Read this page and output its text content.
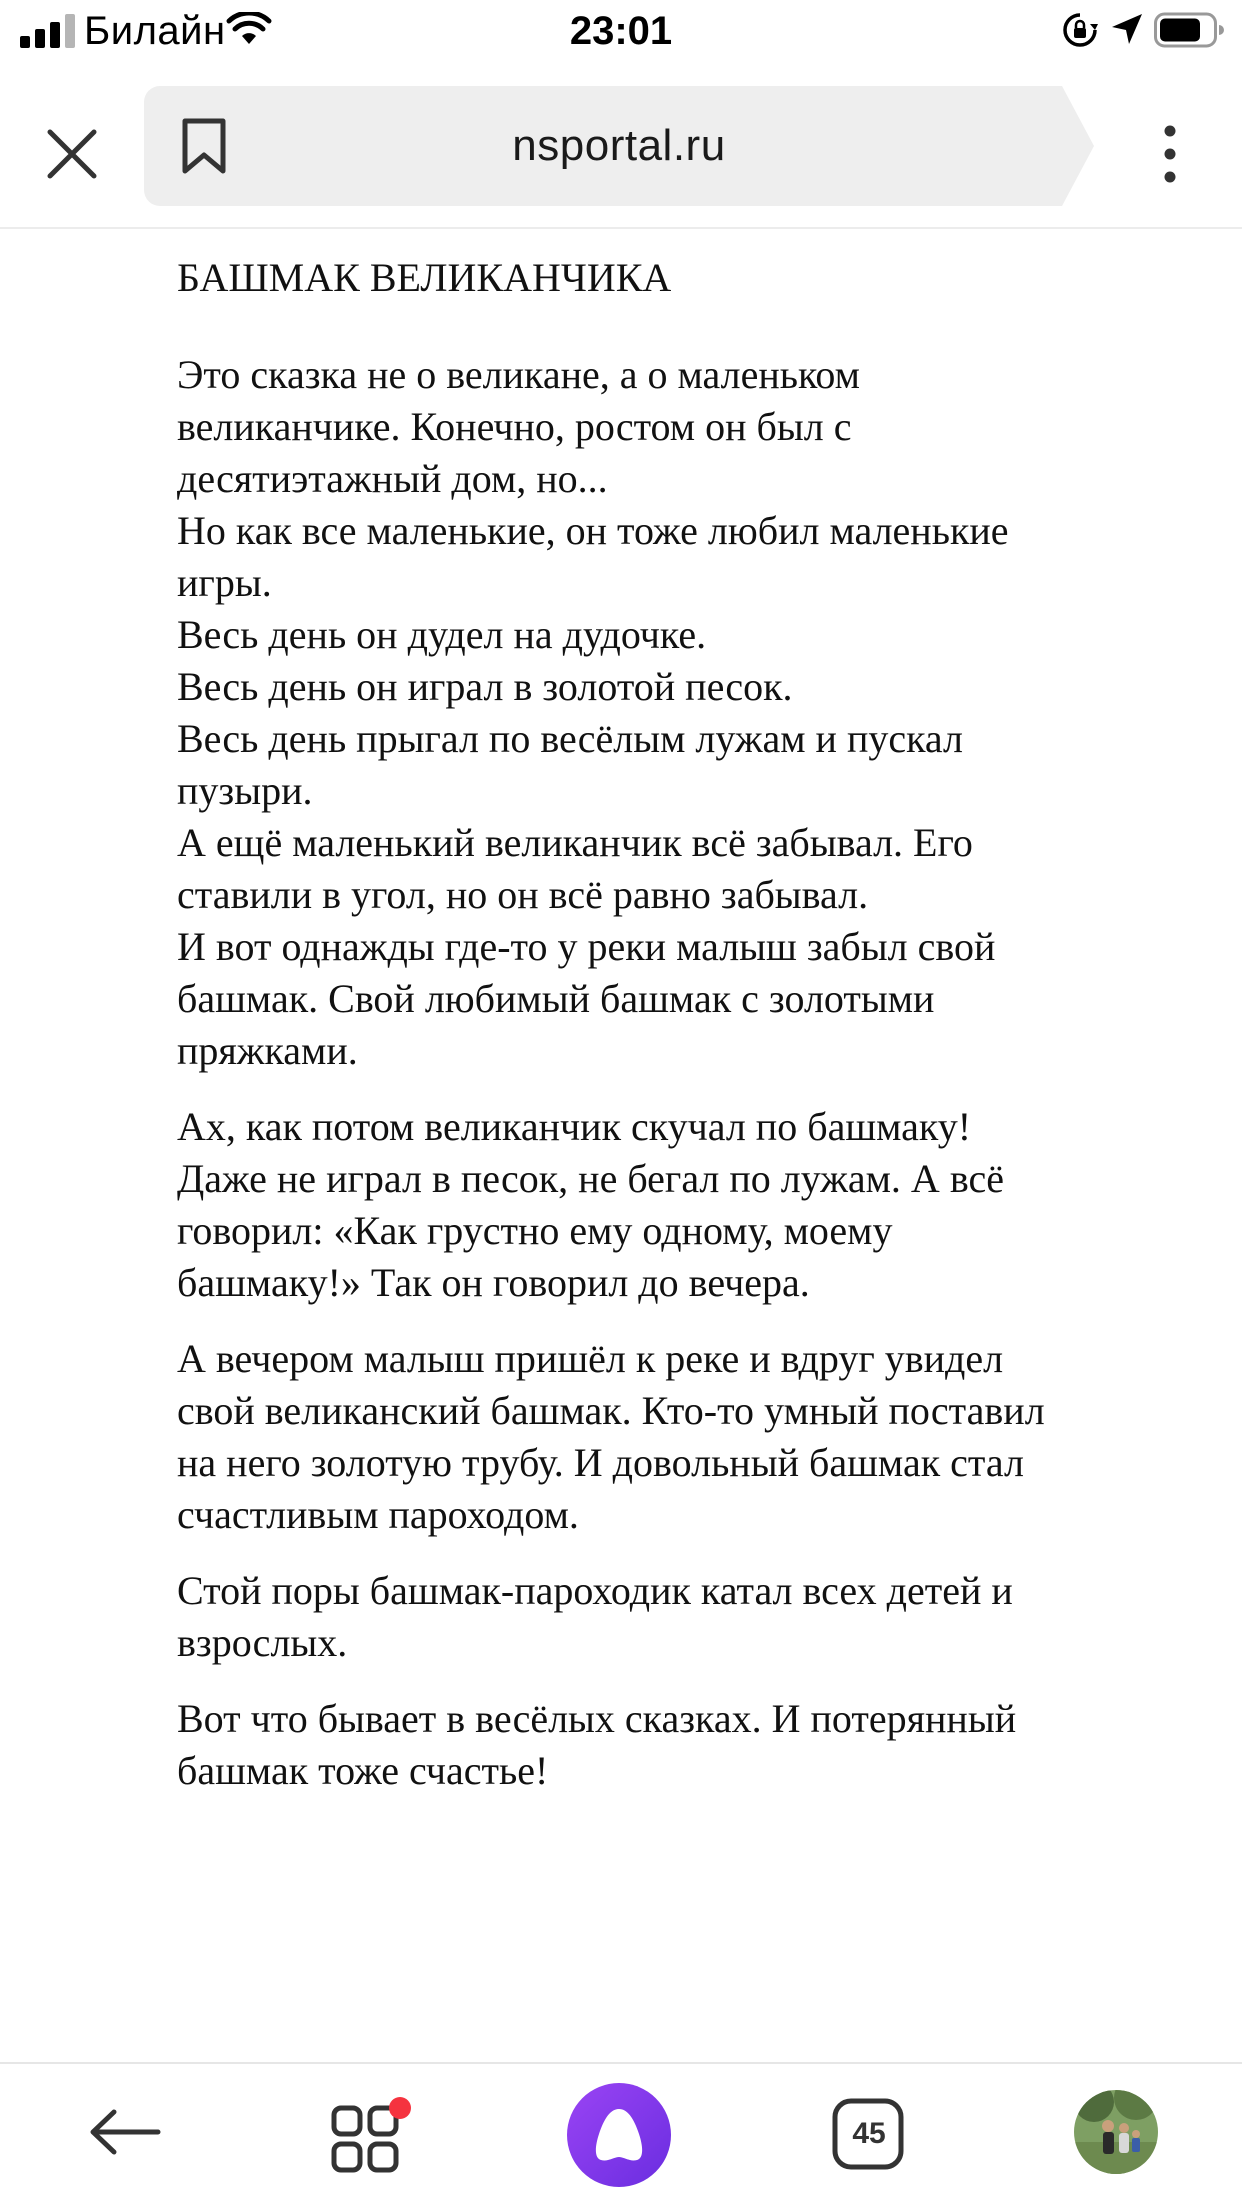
Билайн	23:01
nsportal.ru
БАШМАК ВЕЛИКАНЧИКА

Это сказка не о великане, а о маленьком
великанчике. Конечно, ростом он был с
десятиэтажный дом, но...
Но как все маленькие, он тоже любил маленькие
игры.
Весь день он дудел на дудочке.
Весь день он играл в золотой песок.
Весь день прыгал по весёлым лужам и пускал
пузыри.
А ещё маленький великанчик всё забывал. Его
ставили в угол, но он всё равно забывал.
И вот однажды где-то у реки малыш забыл свой
башмак. Свой любимый башмак с золотыми
пряжками.

Ах, как потом великанчик скучал по башмаку!
Даже не играл в песок, не бегал по лужам. А всё
говорил: «Как грустно ему одному, моему
башмаку!» Так он говорил до вечера.

А вечером малыш пришёл к реке и вдруг увидел
свой великанский башмак. Кто-то умный поставил
на него золотую трубу. И довольный башмак стал
счастливым пароходом.

Стой поры башмак-пароходик катал всех детей и
взрослых.

Вот что бывает в весёлых сказках. И потерянный
башмак тоже счастье!

45
